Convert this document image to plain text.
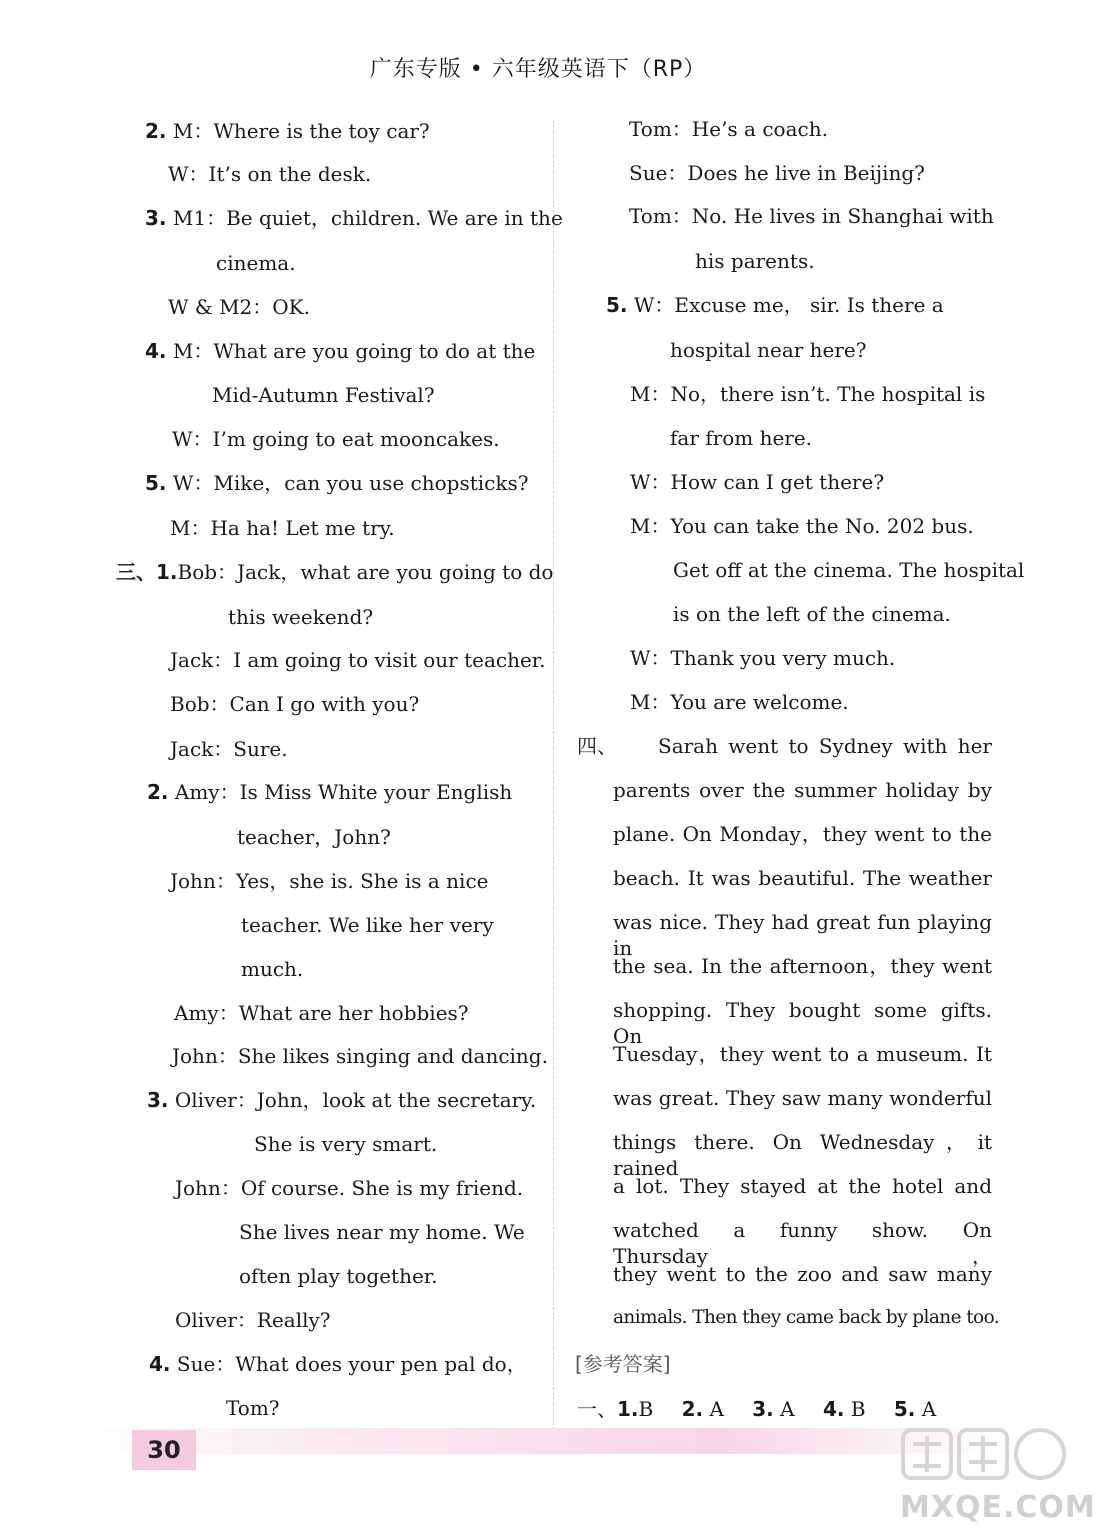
广东专版 • 六年级英语下（RP）
2. M：Where is the toy car?
W：It’s on the desk.
3. M1：Be quiet，children. We are in the
cinema.
W & M2：OK.
4. M：What are you going to do at the
Mid-Autumn Festival?
W：I’m going to eat mooncakes.
5. W：Mike，can you use chopsticks?
M：Ha ha! Let me try.
三、1.Bob：Jack，what are you going to do
this weekend?
Jack：I am going to visit our teacher.
Bob：Can I go with you?
Jack：Sure.
2. Amy：Is Miss White your English
teacher，John?
John：Yes，she is. She is a nice
teacher. We like her very
much.
Amy：What are her hobbies?
John：She likes singing and dancing.
3. Oliver：John，look at the secretary.
She is very smart.
John：Of course. She is my friend.
She lives near my home. We
often play together.
Oliver：Really?
4. Sue：What does your pen pal do，
Tom?
Tom：He’s a coach.
Sue：Does he live in Beijing?
Tom：No. He lives in Shanghai with
his parents.
5. W：Excuse me， sir. Is there a
hospital near here?
M：No，there isn’t. The hospital is
far from here.
W：How can I get there?
M：You can take the No. 202 bus.
Get off at the cinema. The hospital
is on the left of the cinema.
W：Thank you very much.
M：You are welcome.
四、 Sarah went to Sydney with her
parents over the summer holiday by
plane. On Monday，they went to the
beach. It was beautiful. The weather
was nice. They had great fun playing in
the sea. In the afternoon，they went
shopping. They bought some gifts. On
Tuesday，they went to a museum. It
was great. They saw many wonderful
things there. On Wednesday，it rained
a lot. They stayed at the hotel and
watched a funny show. On Thursday，
they went to the zoo and saw many
animals. Then they came back by plane too.
[参考答案]
一、1.B 2. A 3. A 4. B 5. A
30
MXQE.COM
